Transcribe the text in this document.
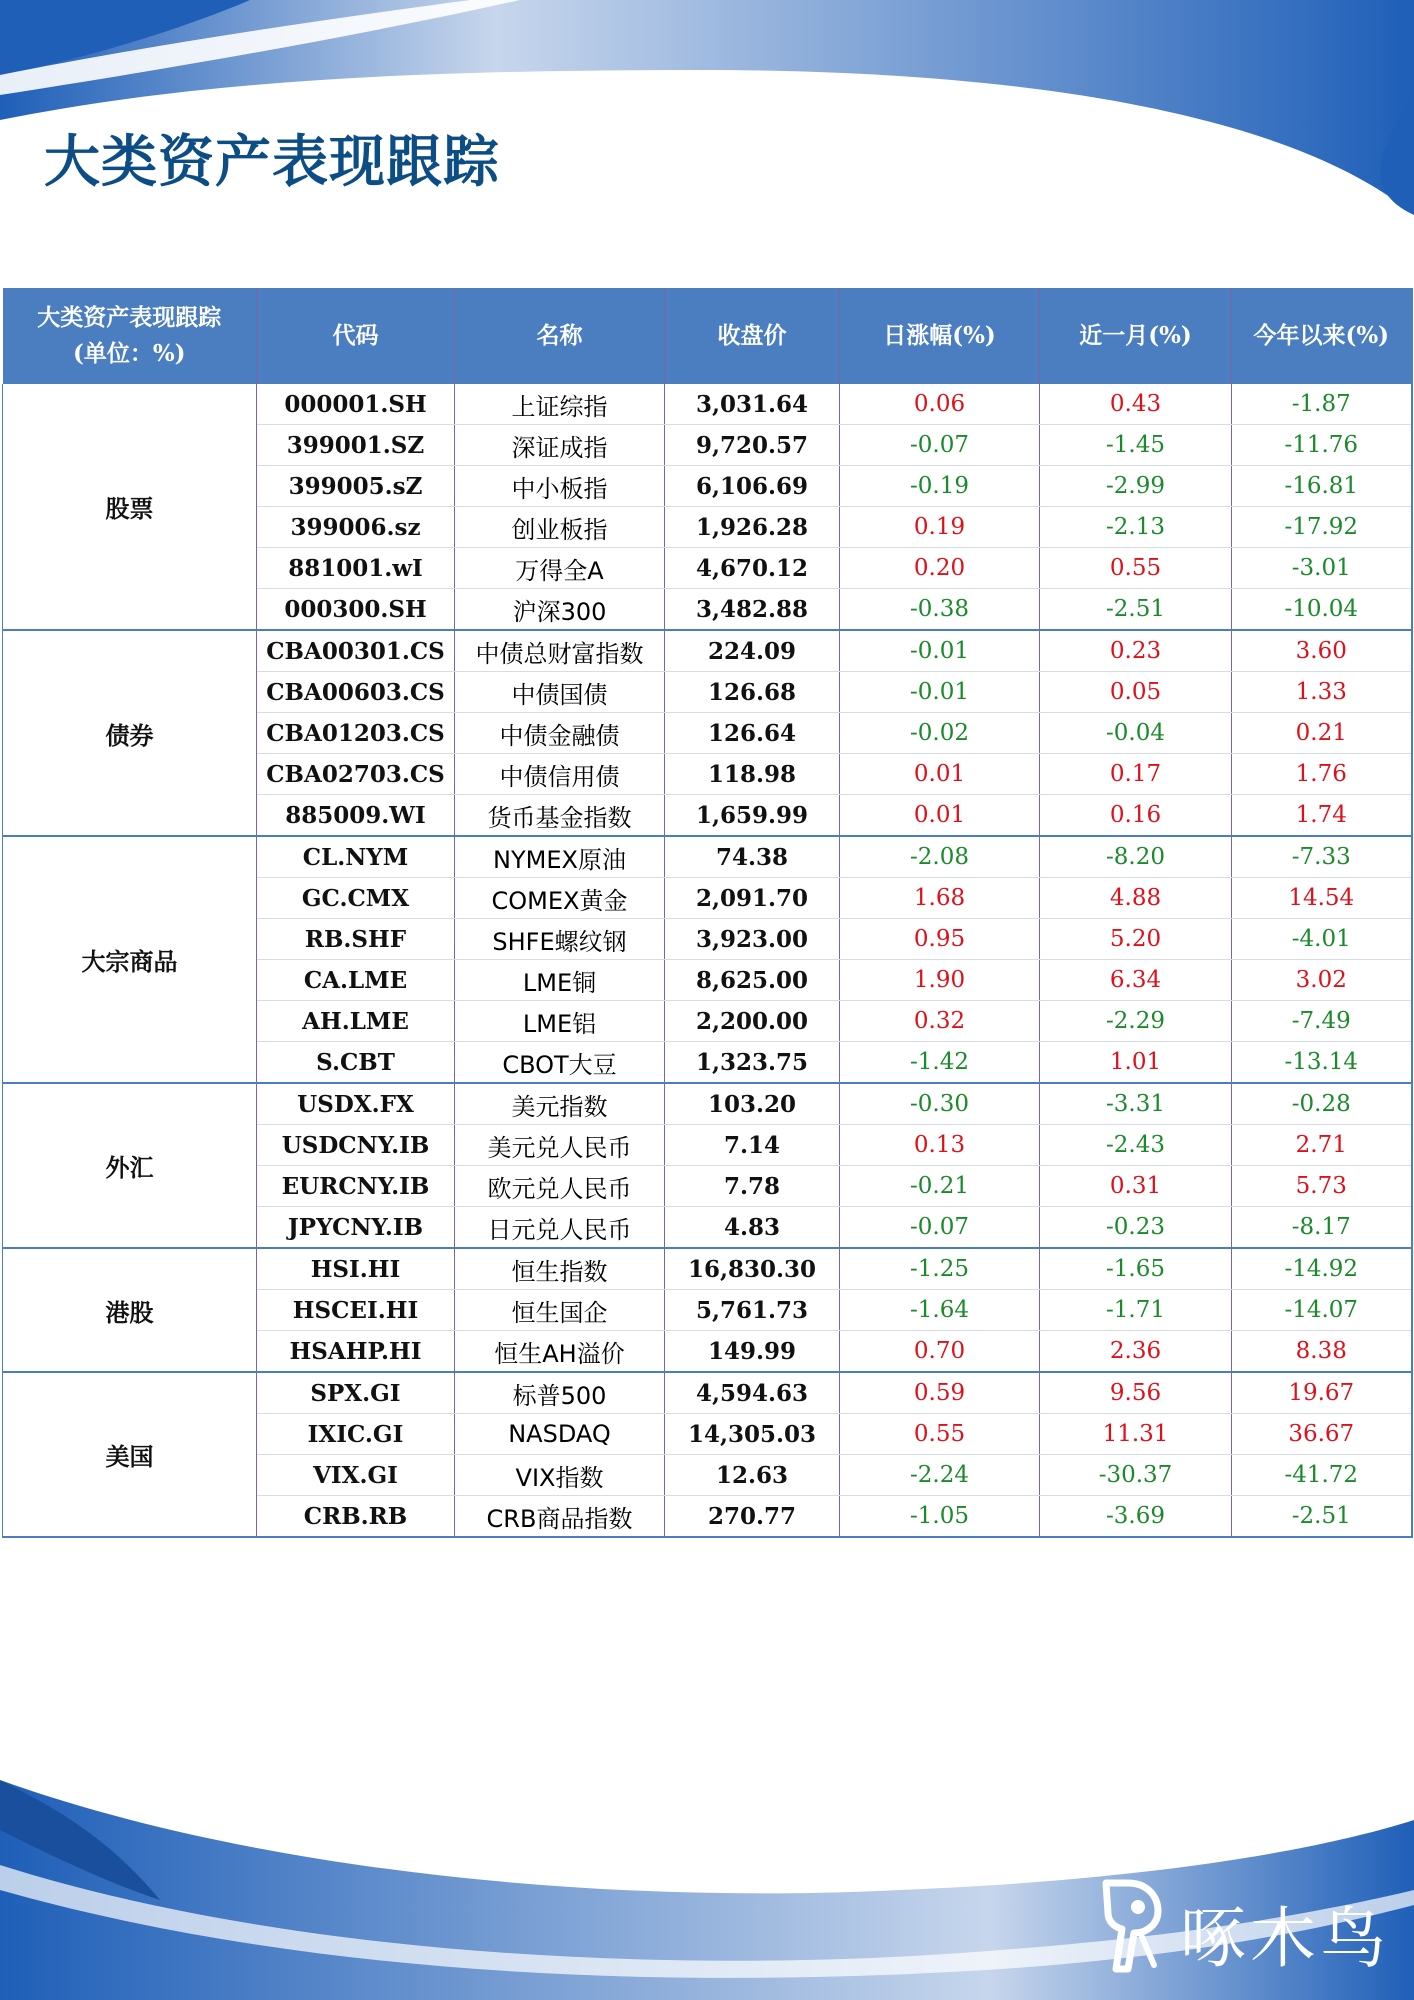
大类资产表现跟踪
大类资产表现跟踪
(单位：%)	代码	名称	收盘价	日涨幅(%)	近一月(%)	今年以来(%)
股票	000001.SH	上证综指	3,031.64	0.06	0.43	-1.87
	399001.SZ	深证成指	9,720.57	-0.07	-1.45	-11.76
	399005.sZ	中小板指	6,106.69	-0.19	-2.99	-16.81
	399006.sz	创业板指	1,926.28	0.19	-2.13	-17.92
	881001.wI	万得全A	4,670.12	0.20	0.55	-3.01
	000300.SH	沪深300	3,482.88	-0.38	-2.51	-10.04
债券	CBA00301.CS	中债总财富指数	224.09	-0.01	0.23	3.60
	CBA00603.CS	中债国债	126.68	-0.01	0.05	1.33
	CBA01203.CS	中债金融债	126.64	-0.02	-0.04	0.21
	CBA02703.CS	中债信用债	118.98	0.01	0.17	1.76
	885009.WI	货币基金指数	1,659.99	0.01	0.16	1.74
大宗商品	CL.NYM	NYMEX原油	74.38	-2.08	-8.20	-7.33
	GC.CMX	COMEX黄金	2,091.70	1.68	4.88	14.54
	RB.SHF	SHFE螺纹钢	3,923.00	0.95	5.20	-4.01
	CA.LME	LME铜	8,625.00	1.90	6.34	3.02
	AH.LME	LME铝	2,200.00	0.32	-2.29	-7.49
	S.CBT	CBOT大豆	1,323.75	-1.42	1.01	-13.14
外汇	USDX.FX	美元指数	103.20	-0.30	-3.31	-0.28
	USDCNY.IB	美元兑人民币	7.14	0.13	-2.43	2.71
	EURCNY.IB	欧元兑人民币	7.78	-0.21	0.31	5.73
	JPYCNY.IB	日元兑人民币	4.83	-0.07	-0.23	-8.17
港股	HSI.HI	恒生指数	16,830.30	-1.25	-1.65	-14.92
	HSCEI.HI	恒生国企	5,761.73	-1.64	-1.71	-14.07
	HSAHP.HI	恒生AH溢价	149.99	0.70	2.36	8.38
美国	SPX.GI	标普500	4,594.63	0.59	9.56	19.67
	IXIC.GI	NASDAQ	14,305.03	0.55	11.31	36.67
	VIX.GI	VIX指数	12.63	-2.24	-30.37	-41.72
	CRB.RB	CRB商品指数	270.77	-1.05	-3.69	-2.51
啄木鸟
